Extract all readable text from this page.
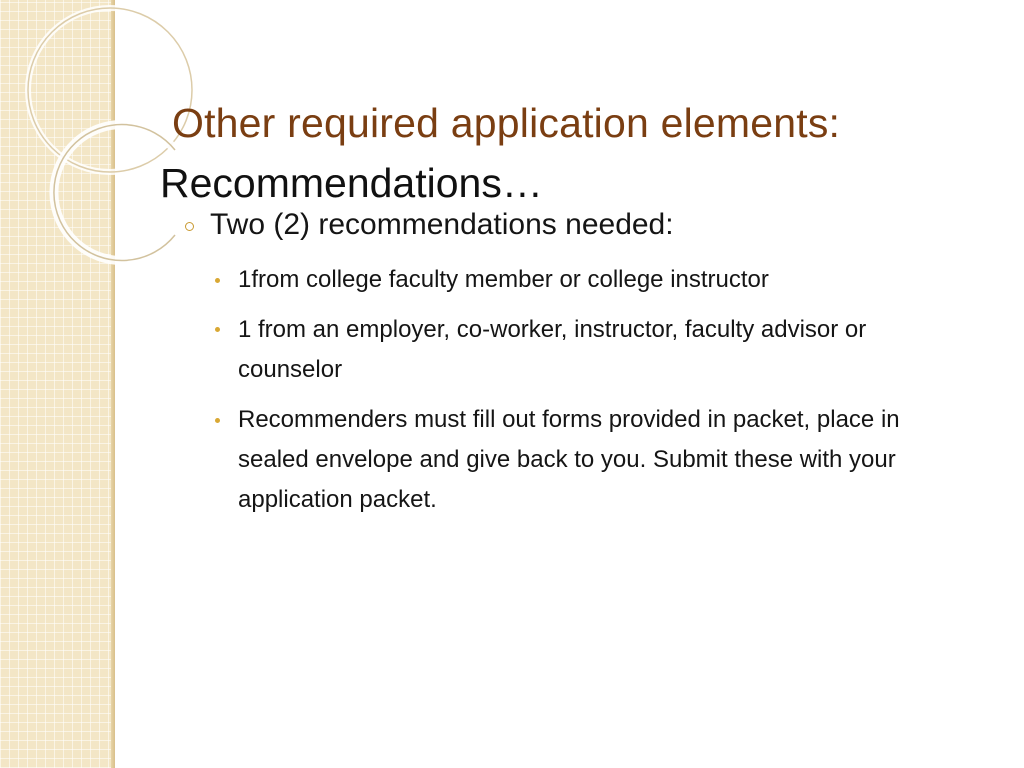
Other required application elements:
Recommendations…
Two (2) recommendations needed:
1from college faculty member or college instructor
1 from an employer, co-worker, instructor, faculty advisor or counselor
Recommenders must fill out forms provided in packet, place in sealed envelope and give back to you. Submit these with your application packet.
